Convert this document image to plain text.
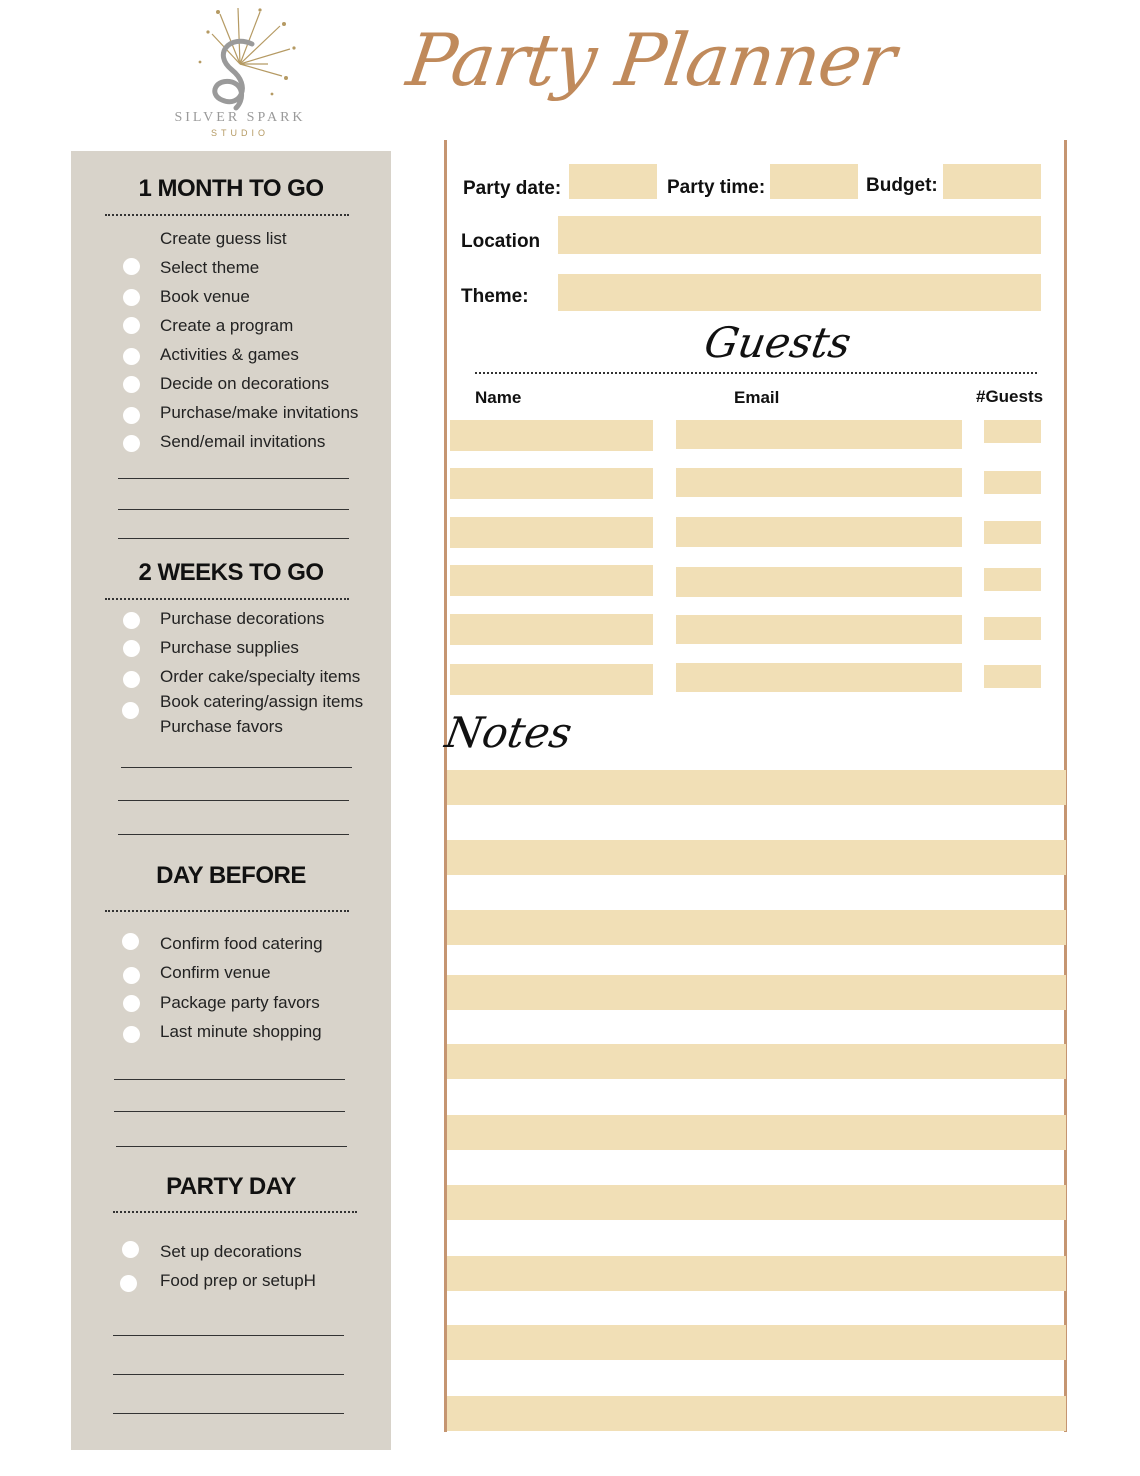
SILVER SPARK
STUDIO
Party Planner
1 MONTH TO GO
Create guess list
Select theme
Book venue
Create a program
Activities & games
Decide on decorations
Purchase/make invitations
Send/email invitations
2 WEEKS TO GO
Purchase decorations
Purchase supplies
Order cake/specialty items
Book catering/assign items
Purchase favors
DAY BEFORE
Confirm food catering
Confirm venue
Package party favors
Last minute shopping
PARTY DAY
Set up decorations
Food prep or setupH
Party date:	Party time:	Budget:
Location
Theme:
Guests
Name	Email	#Guests
Notes
